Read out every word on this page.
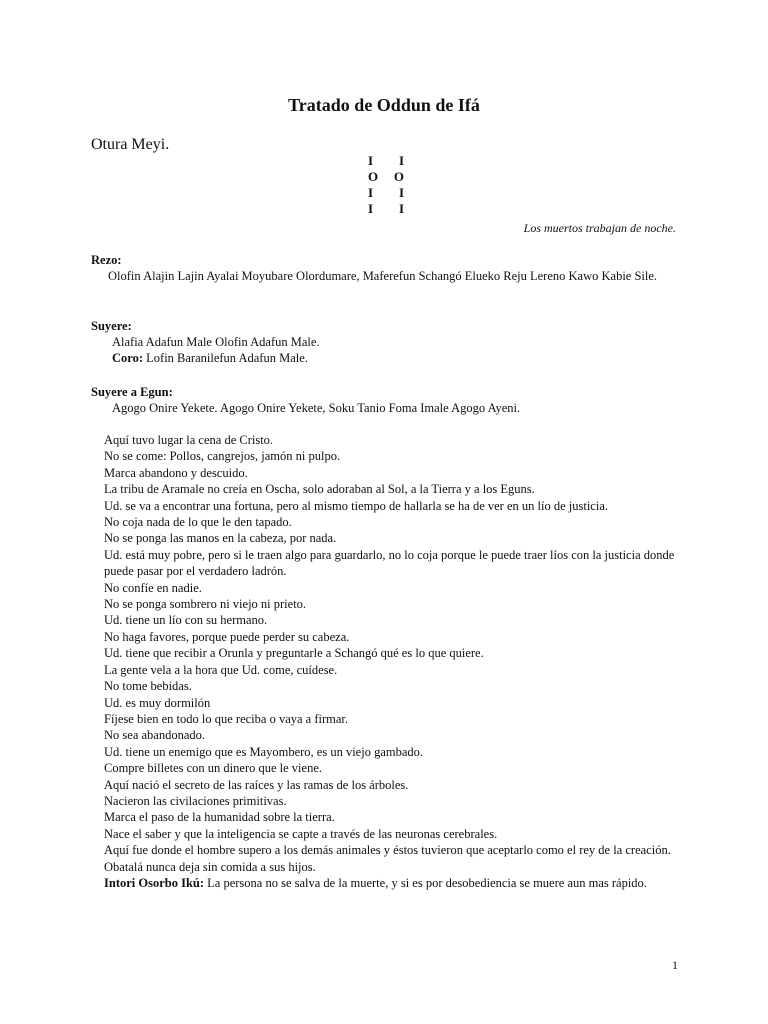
Tratado de Oddun de Ifá
Otura Meyi.
I I
O O
I I
I I
Los muertos trabajan de noche.
Rezo:
Olofin Alajin Lajin Ayalai Moyubare Olordumare, Maferefun Schangó Elueko Reju Lereno Kawo Kabie Sile.
Suyere:
Alafia Adafun Male Olofin Adafun Male.
Coro: Lofin Baranilefun Adafun Male.
Suyere a Egun:
Agogo Onire Yekete. Agogo Onire Yekete, Soku Tanio Foma Imale Agogo Ayeni.
Aquí tuvo lugar la cena de Cristo.
No se come: Pollos, cangrejos, jamón ni pulpo.
Marca abandono y descuido.
La tribu de Aramale no creía en Oscha, solo adoraban al Sol, a la Tierra y a los Eguns.
Ud. se va a encontrar una fortuna, pero al mismo tiempo de hallarla se ha de ver en un lío de justicia.
No coja nada de lo que le den tapado.
No se ponga las manos en la cabeza, por nada.
Ud. está muy pobre, pero si le traen algo para guardarlo, no lo coja porque le puede traer líos con la justicia donde puede pasar por el verdadero ladrón.
No confíe en nadie.
No se ponga sombrero ni viejo ni prieto.
Ud. tiene un lío con su hermano.
No haga favores, porque puede perder su cabeza.
Ud. tiene que recibir a Orunla y preguntarle a Schangó qué es lo que quiere.
La gente vela a la hora que Ud. come, cuídese.
No tome bebidas.
Ud. es muy dormilón
Fíjese bien en todo lo que reciba o vaya a firmar.
No sea abandonado.
Ud. tiene un enemigo que es Mayombero, es un viejo gambado.
Compre billetes con un dinero que le viene.
Aquí nació el secreto de las raíces y las ramas de los árboles.
Nacieron las civilaciones primitivas.
Marca el paso de la humanidad sobre la tierra.
Nace el saber y que la inteligencia se capte a través de las neuronas cerebrales.
Aquí fue donde el hombre supero a los demás animales y éstos tuvieron que aceptarlo como el rey de la creación.
Obatalá nunca deja sin comida a sus hijos.
Intori Osorbo Ikú: La persona no se salva de la muerte, y si es por desobediencia se muere aun mas rápido.
1
